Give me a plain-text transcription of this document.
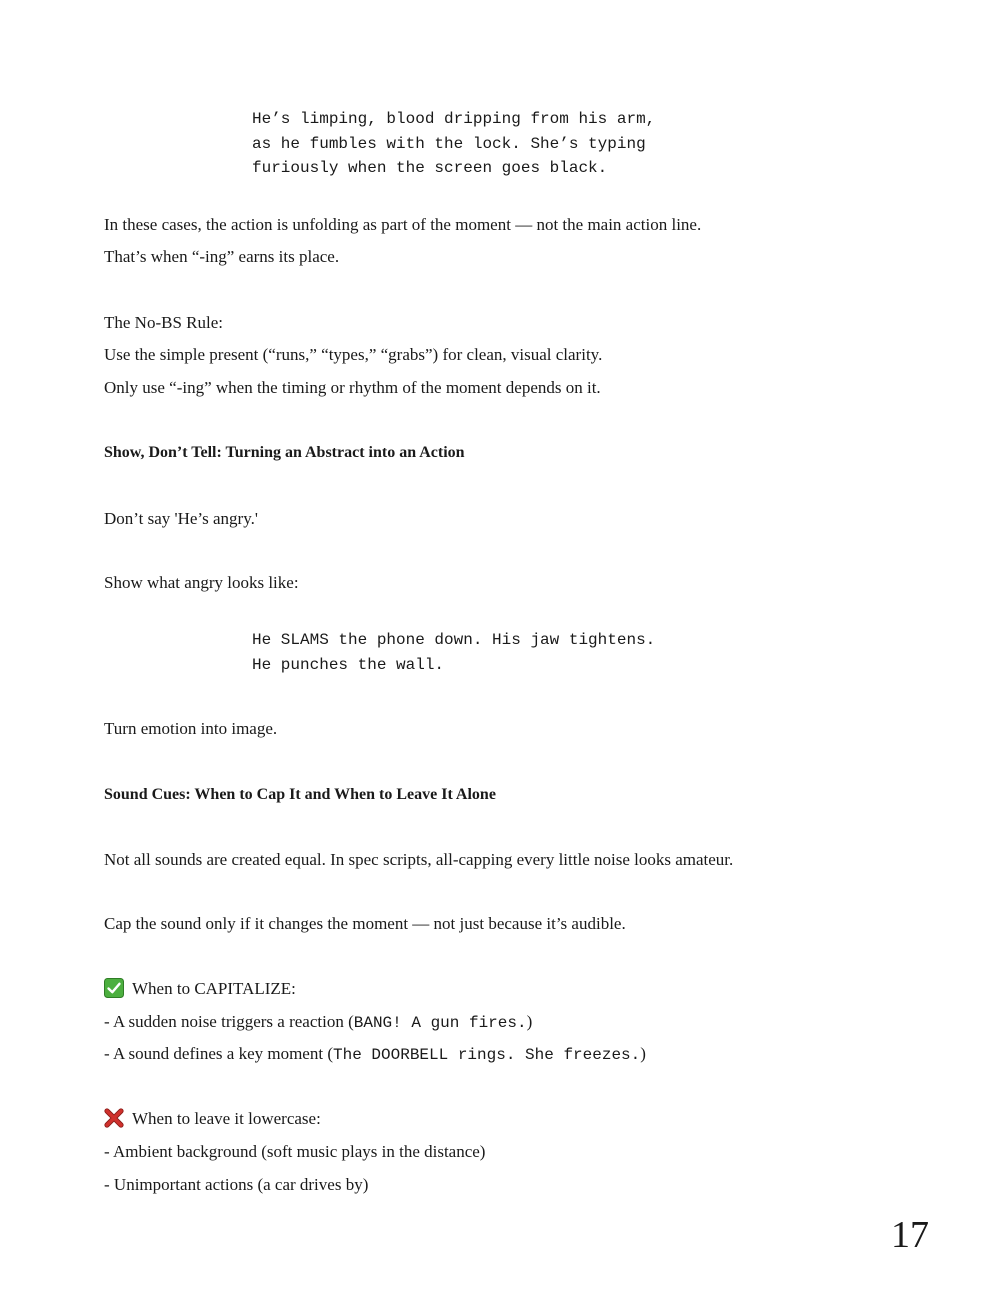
He’s limping, blood dripping from his arm,
as he fumbles with the lock. She’s typing
furiously when the screen goes black.
In these cases, the action is unfolding as part of the moment — not the main action line.
That’s when “-ing” earns its place.
The No-BS Rule:
Use the simple present (“runs,” “types,” “grabs”) for clean, visual clarity.
Only use “-ing” when the timing or rhythm of the moment depends on it.
Show, Don’t Tell: Turning an Abstract into an Action
Don’t say 'He’s angry.'
Show what angry looks like:
He SLAMS the phone down. His jaw tightens.
He punches the wall.
Turn emotion into image.
Sound Cues: When to Cap It and When to Leave It Alone
Not all sounds are created equal. In spec scripts, all-capping every little noise looks amateur.
Cap the sound only if it changes the moment — not just because it’s audible.
When to CAPITALIZE:
- A sudden noise triggers a reaction (BANG! A gun fires.)
- A sound defines a key moment (The DOORBELL rings. She freezes.)
When to leave it lowercase:
- Ambient background (soft music plays in the distance)
- Unimportant actions (a car drives by)
17
